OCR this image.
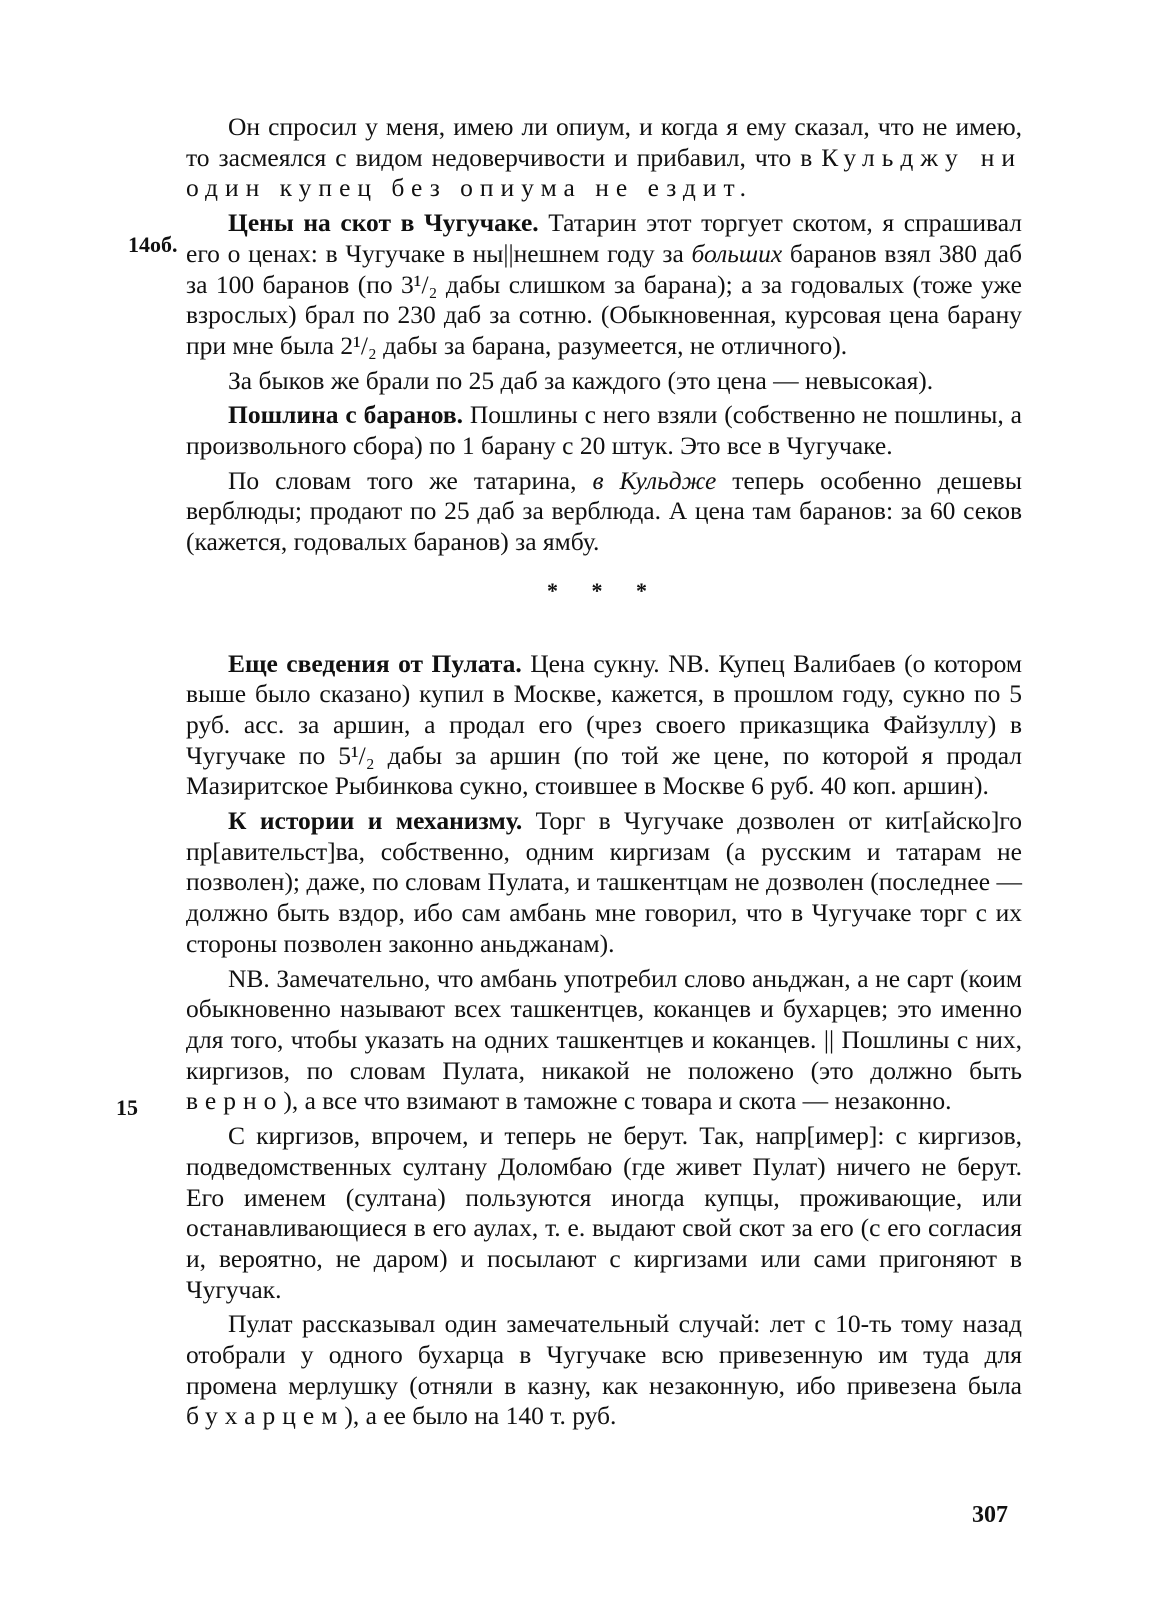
14об.
15

Он спросил у меня, имею ли опиум, и когда я ему сказал, что не имею, то засмеялся с видом недоверчивости и прибавил, что в Кульджу ни один купец без опиума не ездит.

Цены на скот в Чугучаке. Татарин этот торгует скотом, я спрашивал его о ценах: в Чугучаке в ны||нешнем году за больших баранов взял 380 даб за 100 баранов (по 3¹/₂ дабы слишком за барана); а за годовалых (тоже уже взрослых) брал по 230 даб за сотню. (Обыкновенная, курсовая цена барану при мне была 2¹/₂ дабы за барана, разумеется, не отличного).

За быков же брали по 25 даб за каждого (это цена — невысокая).

Пошлина с баранов. Пошлины с него взяли (собственно не пошлины, а произвольного сбора) по 1 барану с 20 штук. Это все в Чугучаке.

По словам того же татарина, в Кульдже теперь особенно дешевы верблюды; продают по 25 даб за верблюда. А цена там баранов: за 60 секов (кажется, годовалых баранов) за ямбу.

* * *

Еще сведения от Пулата. Цена сукну. NB. Купец Валибаев (о котором выше было сказано) купил в Москве, кажется, в прошлом году, сукно по 5 руб. асс. за аршин, а продал его (чрез своего приказщика Файзуллу) в Чугучаке по 5¹/₂ дабы за аршин (по той же цене, по которой я продал Мазиритское Рыбинкова сукно, стоившее в Москве 6 руб. 40 коп. аршин).

К истории и механизму. Торг в Чугучаке дозволен от кит[айско]го пр[авительст]ва, собственно, одним киргизам (а русским и татарам не позволен); даже, по словам Пулата, и ташкентцам не дозволен (последнее — должно быть вздор, ибо сам амбань мне говорил, что в Чугучаке торг с их стороны позволен законно аньджанам).

NB. Замечательно, что амбань употребил слово аньджан, а не сарт (коим обыкновенно называют всех ташкентцев, коканцев и бухарцев; это именно для того, чтобы указать на одних ташкентцев и коканцев. || Пошлины с них, киргизов, по словам Пулата, никакой не положено (это должно быть верно), а все что взимают в таможне с товара и скота — незаконно.

С киргизов, впрочем, и теперь не берут. Так, напр[имер]: с киргизов, подведомственных султану Доломбаю (где живет Пулат) ничего не берут. Его именем (султана) пользуются иногда купцы, проживающие, или останавливающиеся в его аулах, т. е. выдают свой скот за его (с его согласия и, вероятно, не даром) и посылают с киргизами или сами пригоняют в Чугучак.

Пулат рассказывал один замечательный случай: лет с 10-ть тому назад отобрали у одного бухарца в Чугучаке всю привезенную им туда для промена мерлушку (отняли в казну, как незаконную, ибо привезена была бухарцем), а ее было на 140 т. руб.

307
